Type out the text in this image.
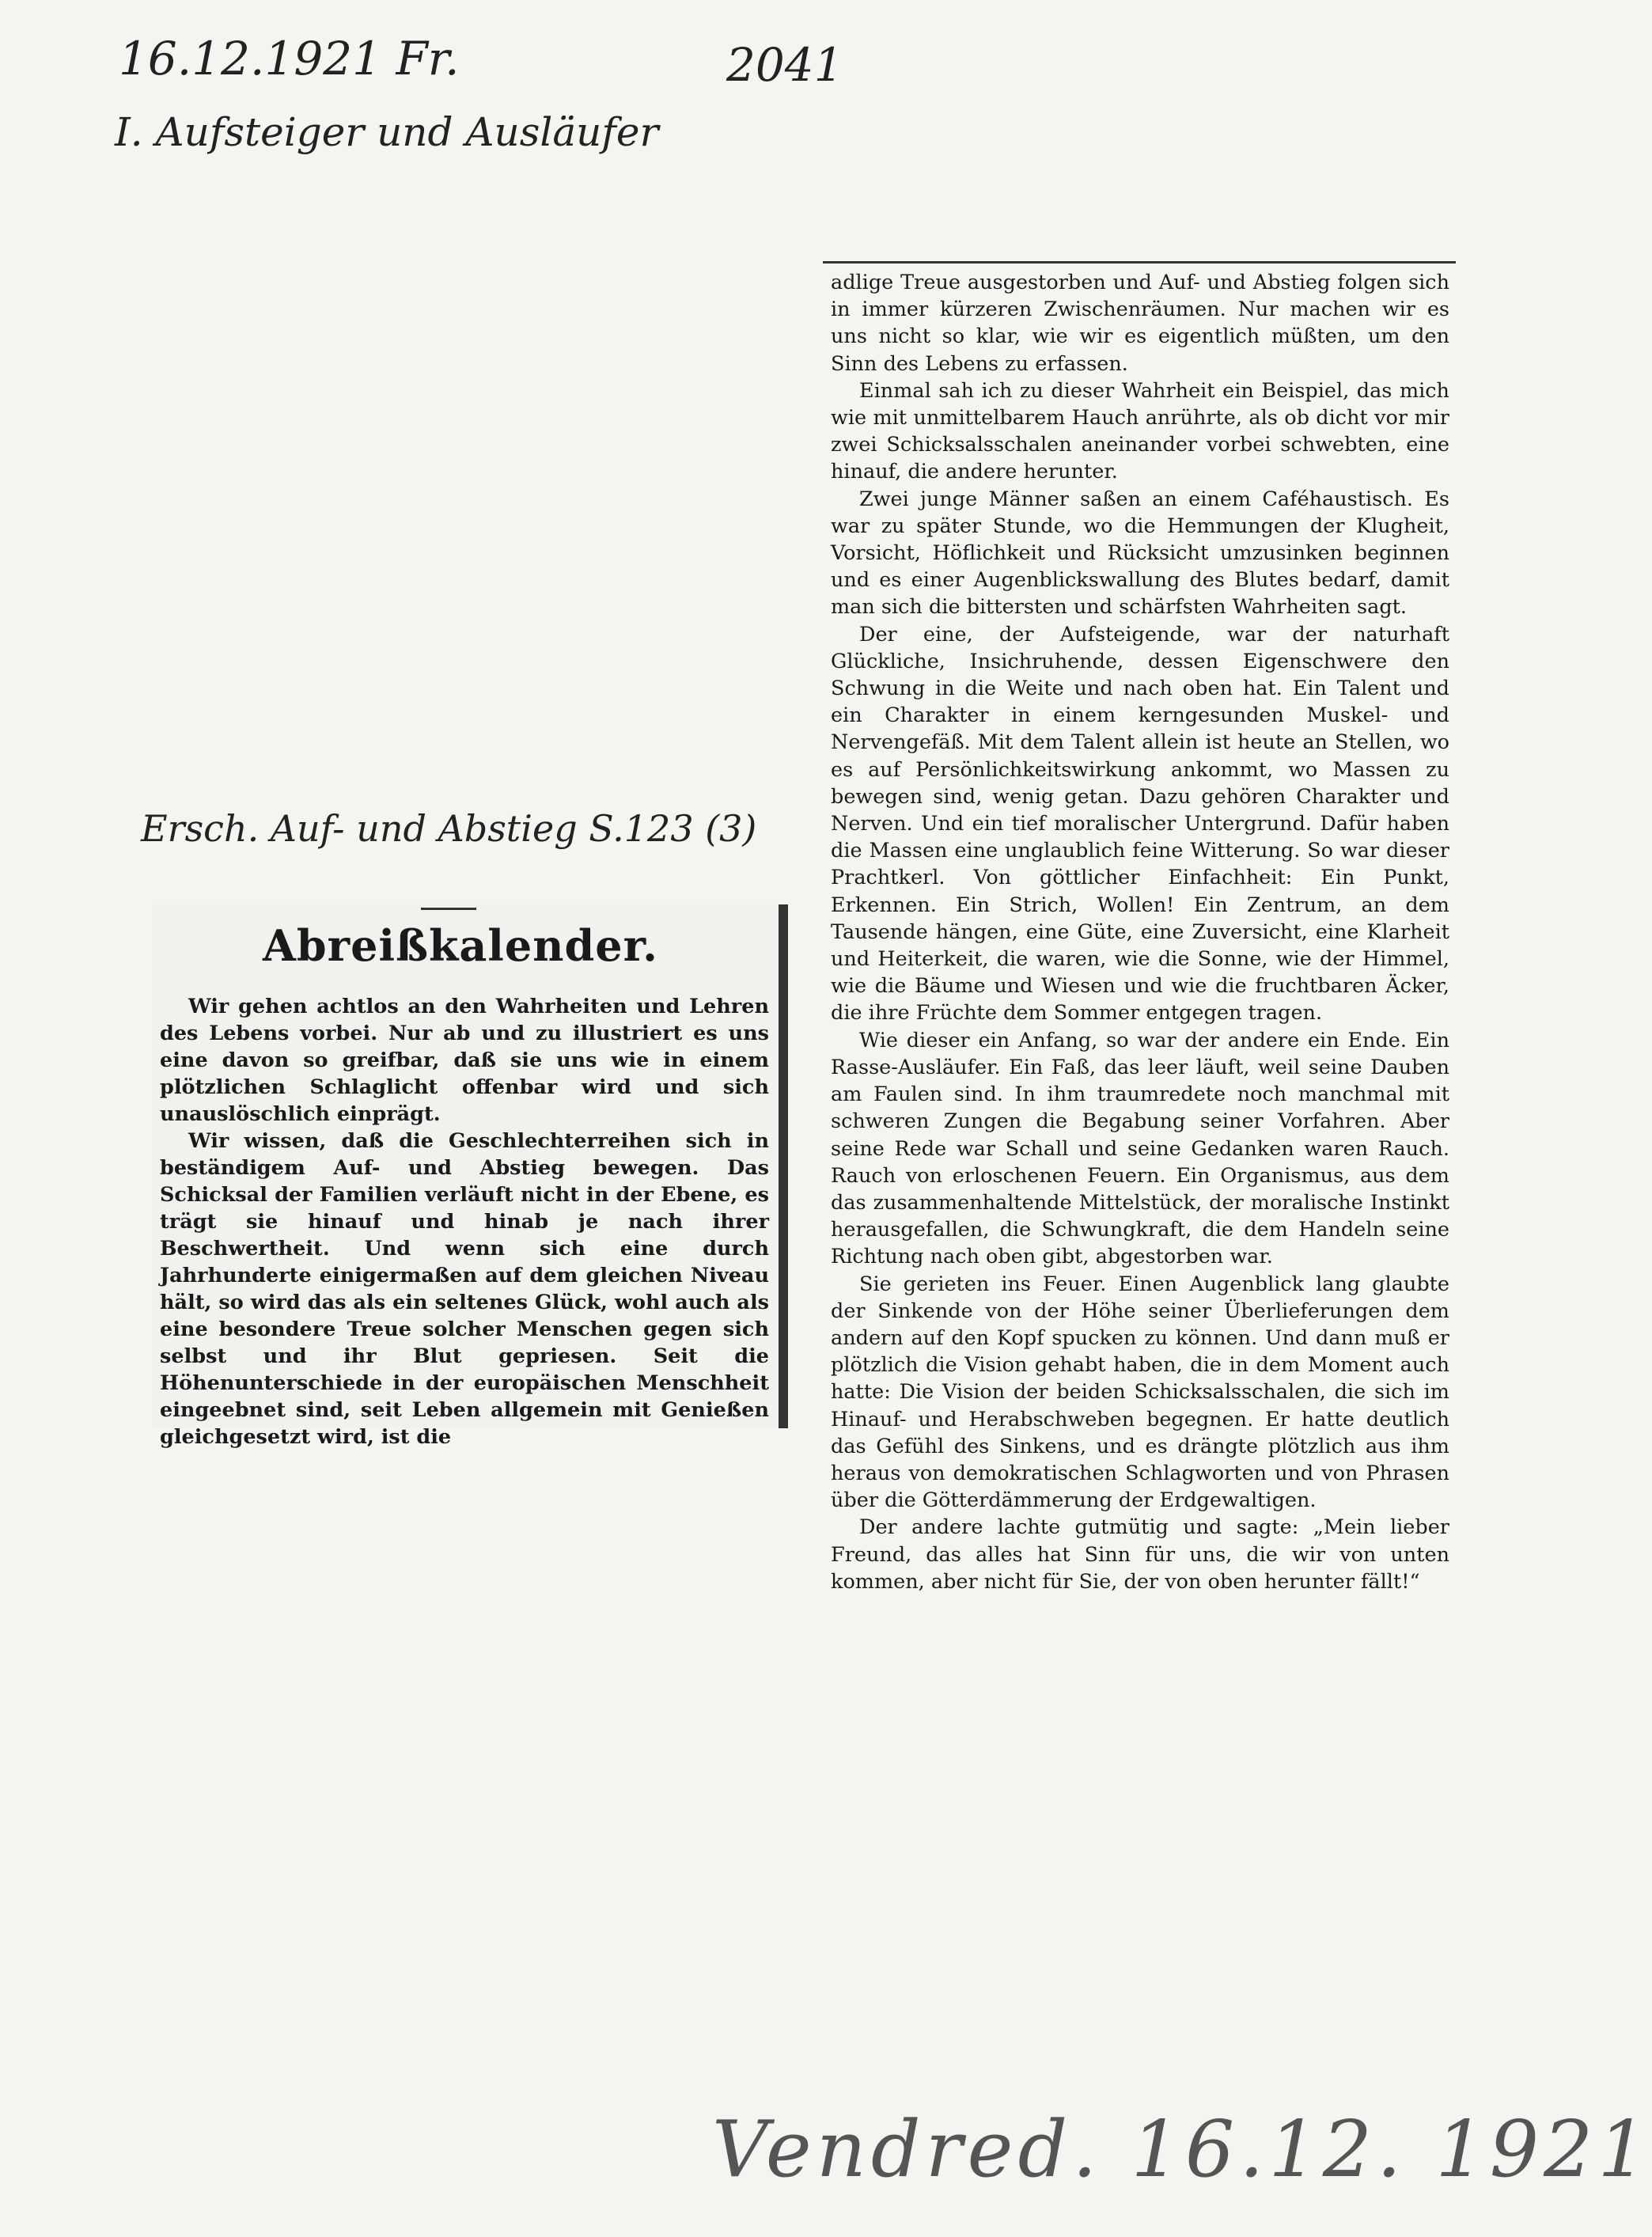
16.12.1921 Fr.	2041
I. Aufsteiger und Ausläufer
Ersch. Auf- und Abstieg S.123 (3)
Vendred. 16.12. 1921
Abreißkalender.

Wir gehen achtlos an den Wahrheiten und Lehren des Lebens vorbei. Nur ab und zu illustriert es uns eine davon so greifbar, daß sie uns wie in einem plötzlichen Schlaglicht offenbar wird und sich unauslöschlich einprägt.

Wir wissen, daß die Geschlechterreihen sich in beständigem Auf- und Abstieg bewegen. Das Schicksal der Familien verläuft nicht in der Ebene, es trägt sie hinauf und hinab je nach ihrer Beschwertheit. Und wenn sich eine durch Jahrhunderte einigermaßen auf dem gleichen Niveau hält, so wird das als ein seltenes Glück, wohl auch als eine besondere Treue solcher Menschen gegen sich selbst und ihr Blut gepriesen. Seit die Höhenunterschiede in der europäischen Menschheit eingeebnet sind, seit Leben allgemein mit Genießen gleichgesetzt wird, ist die

adlige Treue ausgestorben und Auf- und Abstieg folgen sich in immer kürzeren Zwischenräumen. Nur machen wir es uns nicht so klar, wie wir es eigentlich müßten, um den Sinn des Lebens zu erfassen.

Einmal sah ich zu dieser Wahrheit ein Beispiel, das mich wie mit unmittelbarem Hauch anrührte, als ob dicht vor mir zwei Schicksalsschalen aneinander vorbei schwebten, eine hinauf, die andere herunter.

Zwei junge Männer saßen an einem Caféhaustisch. Es war zu später Stunde, wo die Hemmungen der Klugheit, Vorsicht, Höflichkeit und Rücksicht umzusinken beginnen und es einer Augenblickswallung des Blutes bedarf, damit man sich die bittersten und schärfsten Wahrheiten sagt.

Der eine, der Aufsteigende, war der naturhaft Glückliche, Insichruhende, dessen Eigenschwere den Schwung in die Weite und nach oben hat. Ein Talent und ein Charakter in einem kerngesunden Muskel- und Nervengefäß. Mit dem Talent allein ist heute an Stellen, wo es auf Persönlichkeitswirkung ankommt, wo Massen zu bewegen sind, wenig getan. Dazu gehören Charakter und Nerven. Und ein tief moralischer Untergrund. Dafür haben die Massen eine unglaublich feine Witterung. So war dieser Prachtkerl. Von göttlicher Einfachheit: Ein Punkt, Erkennen. Ein Strich, Wollen! Ein Zentrum, an dem Tausende hängen, eine Güte, eine Zuversicht, eine Klarheit und Heiterkeit, die waren, wie die Sonne, wie der Himmel, wie die Bäume und Wiesen und wie die fruchtbaren Äcker, die ihre Früchte dem Sommer entgegen tragen.

Wie dieser ein Anfang, so war der andere ein Ende. Ein Rasse-Ausläufer. Ein Faß, das leer läuft, weil seine Dauben am Faulen sind. In ihm traumredete noch manchmal mit schweren Zungen die Begabung seiner Vorfahren. Aber seine Rede war Schall und seine Gedanken waren Rauch. Rauch von erloschenen Feuern. Ein Organismus, aus dem das zusammenhaltende Mittelstück, der moralische Instinkt herausgefallen, die Schwungkraft, die dem Handeln seine Richtung nach oben gibt, abgestorben war.

Sie gerieten ins Feuer. Einen Augenblick lang glaubte der Sinkende von der Höhe seiner Überlieferungen dem andern auf den Kopf spucken zu können. Und dann muß er plötzlich die Vision gehabt haben, die in dem Moment auch hatte: Die Vision der beiden Schicksalsschalen, die sich im Hinauf- und Herabschweben begegnen. Er hatte deutlich das Gefühl des Sinkens, und es drängte plötzlich aus ihm heraus von demokratischen Schlagworten und von Phrasen über die Götterdämmerung der Erdgewaltigen.

Der andere lachte gutmütig und sagte: „Mein lieber Freund, das alles hat Sinn für uns, die wir von unten kommen, aber nicht für Sie, der von oben herunter fällt!“
